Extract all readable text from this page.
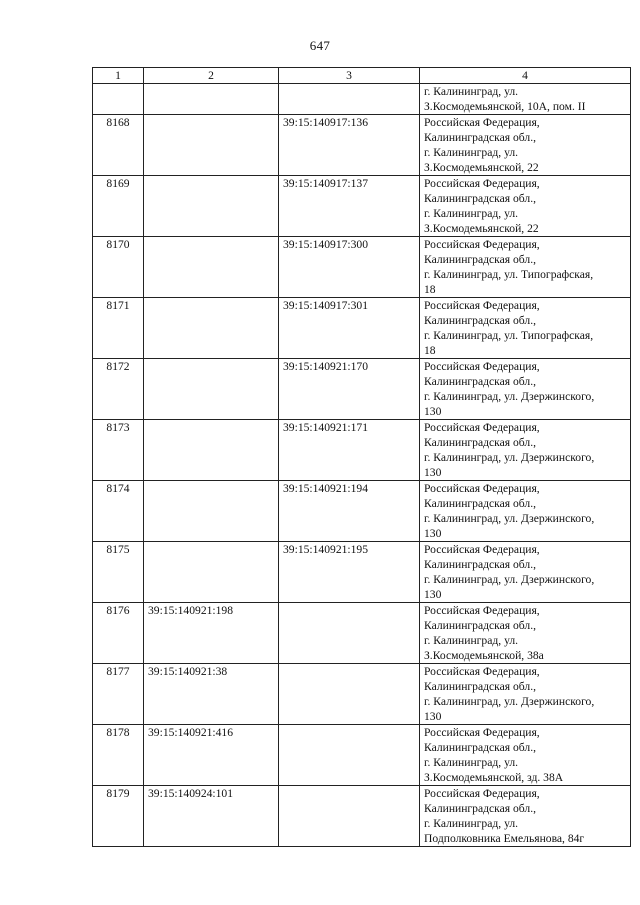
647
1	2	3	4

			г. Калининград, ул.
З.Космодемьянской, 10А, пом. II

8168		39:15:140917:136	Российская Федерация,
Калининградская обл.,
г. Калининград, ул.
З.Космодемьянской, 22

8169		39:15:140917:137	Российская Федерация,
Калининградская обл.,
г. Калининград, ул.
З.Космодемьянской, 22

8170		39:15:140917:300	Российская Федерация,
Калининградская обл.,
г. Калининград, ул. Типографская,
18

8171		39:15:140917:301	Российская Федерация,
Калининградская обл.,
г. Калининград, ул. Типографская,
18

8172		39:15:140921:170	Российская Федерация,
Калининградская обл.,
г. Калининград, ул. Дзержинского,
130

8173		39:15:140921:171	Российская Федерация,
Калининградская обл.,
г. Калининград, ул. Дзержинского,
130

8174		39:15:140921:194	Российская Федерация,
Калининградская обл.,
г. Калининград, ул. Дзержинского,
130

8175		39:15:140921:195	Российская Федерация,
Калининградская обл.,
г. Калининград, ул. Дзержинского,
130

8176	39:15:140921:198		Российская Федерация,
Калининградская обл.,
г. Калининград, ул.
З.Космодемьянской, 38а

8177	39:15:140921:38		Российская Федерация,
Калининградская обл.,
г. Калининград, ул. Дзержинского,
130

8178	39:15:140921:416		Российская Федерация,
Калининградская обл.,
г. Калининград, ул.
З.Космодемьянской, зд. 38А

8179	39:15:140924:101		Российская Федерация,
Калининградская обл.,
г. Калининград, ул.
Подполковника Емельянова, 84г
